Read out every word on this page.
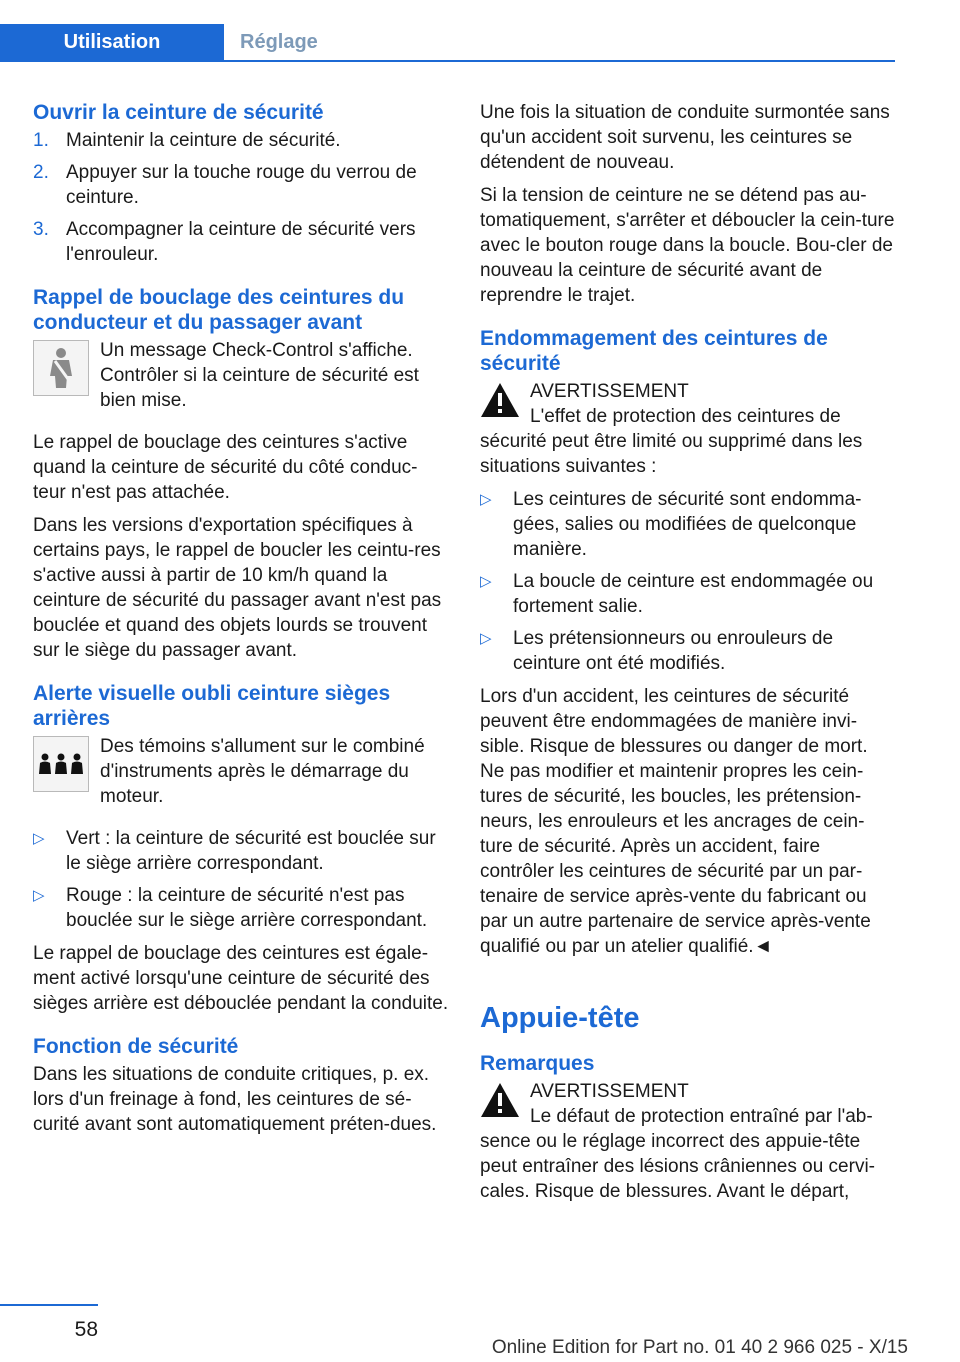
Utilisation	Réglage
Ouvrir la ceinture de sécurité
1. Maintenir la ceinture de sécurité.
2. Appuyer sur la touche rouge du verrou de ceinture.
3. Accompagner la ceinture de sécurité vers l'enrouleur.
Rappel de bouclage des ceintures du conducteur et du passager avant
Un message Check-Control s'affiche. Contrôler si la ceinture de sécurité est bien mise.

Le rappel de bouclage des ceintures s'active quand la ceinture de sécurité du côté conduc-teur n'est pas attachée.

Dans les versions d'exportation spécifiques à certains pays, le rappel de boucler les ceintu-res s'active aussi à partir de 10 km/h quand la ceinture de sécurité du passager avant n'est pas bouclée et quand des objets lourds se trouvent sur le siège du passager avant.

Alerte visuelle oubli ceinture sièges arrières
Des témoins s'allument sur le combiné d'instruments après le démarrage du moteur.
▷ Vert : la ceinture de sécurité est bouclée sur le siège arrière correspondant.
▷ Rouge : la ceinture de sécurité n'est pas bouclée sur le siège arrière correspondant.

Le rappel de bouclage des ceintures est égale-ment activé lorsqu'une ceinture de sécurité des sièges arrière est débouclée pendant la conduite.

Fonction de sécurité

Dans les situations de conduite critiques, p. ex. lors d'un freinage à fond, les ceintures de sé-curité avant sont automatiquement préten-dues.

Une fois la situation de conduite surmontée sans qu'un accident soit survenu, les ceintures se détendent de nouveau.

Si la tension de ceinture ne se détend pas au-tomatiquement, s'arrêter et déboucler la cein-ture avec le bouton rouge dans la boucle. Bou-cler de nouveau la ceinture de sécurité avant de reprendre le trajet.

Endommagement des ceintures de sécurité
AVERTISSEMENT
L'effet de protection des ceintures de sécurité peut être limité ou supprimé dans les situations suivantes :
▷ Les ceintures de sécurité sont endomma-gées, salies ou modifiées de quelconque manière.
▷ La boucle de ceinture est endommagée ou fortement salie.
▷ Les prétensionneurs ou enrouleurs de ceinture ont été modifiés.

Lors d'un accident, les ceintures de sécurité peuvent être endommagées de manière invi-sible. Risque de blessures ou danger de mort. Ne pas modifier et maintenir propres les cein-tures de sécurité, les boucles, les prétension-neurs, les enrouleurs et les ancrages de cein-ture de sécurité. Après un accident, faire contrôler les ceintures de sécurité par un par-tenaire de service après-vente du fabricant ou par un autre partenaire de service après-vente qualifié ou par un atelier qualifié.◄

Appuie-tête
Remarques
AVERTISSEMENT
Le défaut de protection entraîné par l'ab-sence ou le réglage incorrect des appuie-tête peut entraîner des lésions crâniennes ou cervi-cales. Risque de blessures. Avant le départ,
58
Online Edition for Part no. 01 40 2 966 025 - X/15
